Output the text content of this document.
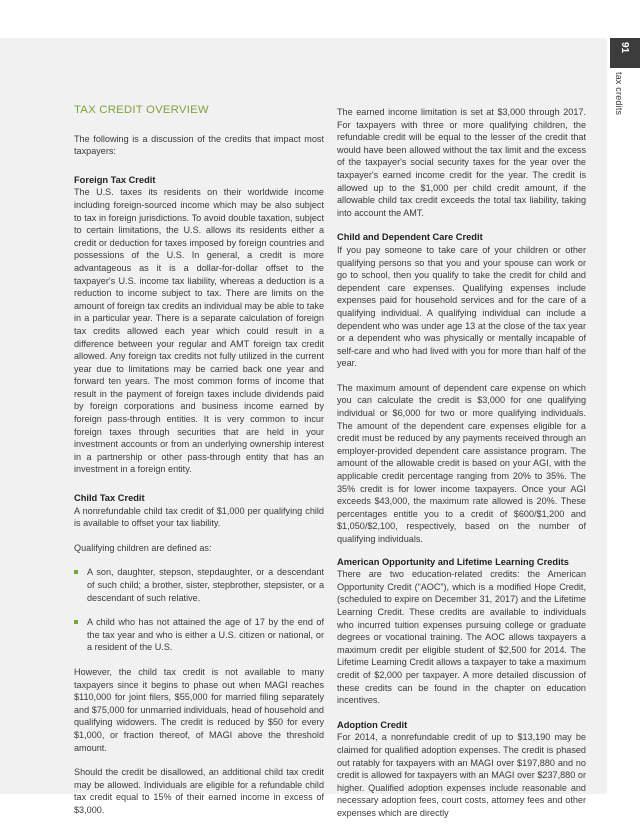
91
tax credits
TAX CREDIT OVERVIEW

The following is a discussion of the credits that impact most taxpayers:

Foreign Tax Credit

The U.S. taxes its residents on their worldwide income including foreign-sourced income which may be also subject to tax in foreign jurisdictions. To avoid double taxation, subject to certain limitations, the U.S. allows its residents either a credit or deduction for taxes imposed by foreign countries and possessions of the U.S. In general, a credit is more advantageous as it is a dollar-for-dollar offset to the taxpayer's U.S. income tax liability, whereas a deduction is a reduction to income subject to tax. There are limits on the amount of foreign tax credits an individual may be able to take in a particular year. There is a separate calculation of foreign tax credits allowed each year which could result in a difference between your regular and AMT foreign tax credit allowed. Any foreign tax credits not fully utilized in the current year due to limitations may be carried back one year and forward ten years. The most common forms of income that result in the payment of foreign taxes include dividends paid by foreign corporations and business income earned by foreign pass-through entities. It is very common to incur foreign taxes through securities that are held in your investment accounts or from an underlying ownership interest in a partnership or other pass-through entity that has an investment in a foreign entity.

Child Tax Credit

A nonrefundable child tax credit of $1,000 per qualifying child is available to offset your tax liability.

Qualifying children are defined as:

A son, daughter, stepson, stepdaughter, or a descendant of such child; a brother, sister, stepbrother, stepsister, or a descendant of such relative.
A child who has not attained the age of 17 by the end of the tax year and who is either a U.S. citizen or national, or a resident of the U.S.

However, the child tax credit is not available to many taxpayers since it begins to phase out when MAGI reaches $110,000 for joint filers, $55,000 for married filing separately and $75,000 for unmarried individuals, head of household and qualifying widowers. The credit is reduced by $50 for every $1,000, or fraction thereof, of MAGI above the threshold amount.

Should the credit be disallowed, an additional child tax credit may be allowed. Individuals are eligible for a refundable child tax credit equal to 15% of their earned income in excess of $3,000.

The earned income limitation is set at $3,000 through 2017. For taxpayers with three or more qualifying children, the refundable credit will be equal to the lesser of the credit that would have been allowed without the tax limit and the excess of the taxpayer's social security taxes for the year over the taxpayer's earned income credit for the year. The credit is allowed up to the $1,000 per child credit amount, if the allowable child tax credit exceeds the total tax liability, taking into account the AMT.

Child and Dependent Care Credit

If you pay someone to take care of your children or other qualifying persons so that you and your spouse can work or go to school, then you qualify to take the credit for child and dependent care expenses. Qualifying expenses include expenses paid for household services and for the care of a qualifying individual. A qualifying individual can include a dependent who was under age 13 at the close of the tax year or a dependent who was physically or mentally incapable of self-care and who had lived with you for more than half of the year.

The maximum amount of dependent care expense on which you can calculate the credit is $3,000 for one qualifying individual or $6,000 for two or more qualifying individuals. The amount of the dependent care expenses eligible for a credit must be reduced by any payments received through an employer-provided dependent care assistance program. The amount of the allowable credit is based on your AGI, with the applicable credit percentage ranging from 20% to 35%. The 35% credit is for lower income taxpayers. Once your AGI exceeds $43,000, the maximum rate allowed is 20%. These percentages entitle you to a credit of $600/$1,200 and $1,050/$2,100, respectively, based on the number of qualifying individuals.

American Opportunity and Lifetime Learning Credits

There are two education-related credits: the American Opportunity Credit (“AOC”), which is a modified Hope Credit, (scheduled to expire on December 31, 2017) and the Lifetime Learning Credit. These credits are available to individuals who incurred tuition expenses pursuing college or graduate degrees or vocational training. The AOC allows taxpayers a maximum credit per eligible student of $2,500 for 2014. The Lifetime Learning Credit allows a taxpayer to take a maximum credit of $2,000 per taxpayer. A more detailed discussion of these credits can be found in the chapter on education incentives.

Adoption Credit

For 2014, a nonrefundable credit of up to $13,190 may be claimed for qualified adoption expenses. The credit is phased out ratably for taxpayers with an MAGI over $197,880 and no credit is allowed for taxpayers with an MAGI over $237,880 or higher. Qualified adoption expenses include reasonable and necessary adoption fees, court costs, attorney fees and other expenses which are directly
